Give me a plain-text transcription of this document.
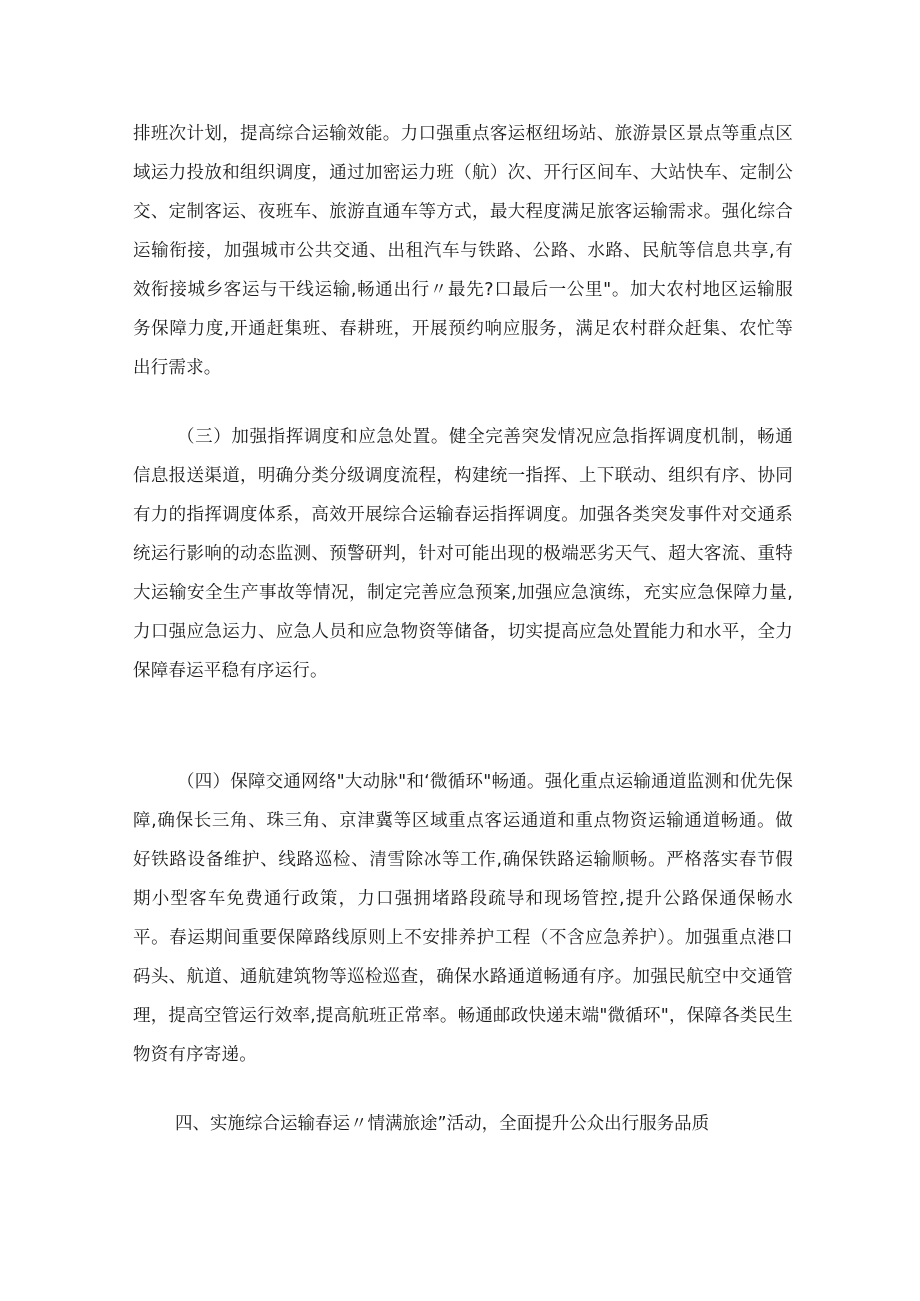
排班次计划，提高综合运输效能。力口强重点客运枢纽场站、旅游景区景点等重点区域运力投放和组织调度，通过加密运力班（航）次、开行区间车、大站快车、定制公交、定制客运、夜班车、旅游直通车等方式，最大程度满足旅客运输需求。强化综合运输衔接，加强城市公共交通、出租汽车与铁路、公路、水路、民航等信息共享,有效衔接城乡客运与干线运输,畅通出行〃最先?口最后一公里"。加大农村地区运输服务保障力度,开通赶集班、春耕班，开展预约响应服务，满足农村群众赶集、农忙等出行需求。

（三）加强指挥调度和应急处置。健全完善突发情况应急指挥调度机制，畅通信息报送渠道，明确分类分级调度流程，构建统一指挥、上下联动、组织有序、协同有力的指挥调度体系，高效开展综合运输春运指挥调度。加强各类突发事件对交通系统运行影响的动态监测、预警研判，针对可能出现的极端恶劣天气、超大客流、重特大运输安全生产事故等情况，制定完善应急预案,加强应急演练，充实应急保障力量,力口强应急运力、应急人员和应急物资等储备，切实提高应急处置能力和水平，全力保障春运平稳有序运行。

（四）保障交通网络"大动脉"和‘微循环"畅通。强化重点运输通道监测和优先保障,确保长三角、珠三角、京津冀等区域重点客运通道和重点物资运输通道畅通。做好铁路设备维护、线路巡检、清雪除冰等工作,确保铁路运输顺畅。严格落实春节假期小型客车免费通行政策，力口强拥堵路段疏导和现场管控,提升公路保通保畅水平。春运期间重要保障路线原则上不安排养护工程（不含应急养护）。加强重点港口码头、航道、通航建筑物等巡检巡查，确保水路通道畅通有序。加强民航空中交通管理，提高空管运行效率,提高航班正常率。畅通邮政快递末端"微循环"，保障各类民生物资有序寄递。

四、实施综合运输春运〃情满旅途”活动，全面提升公众出行服务品质
